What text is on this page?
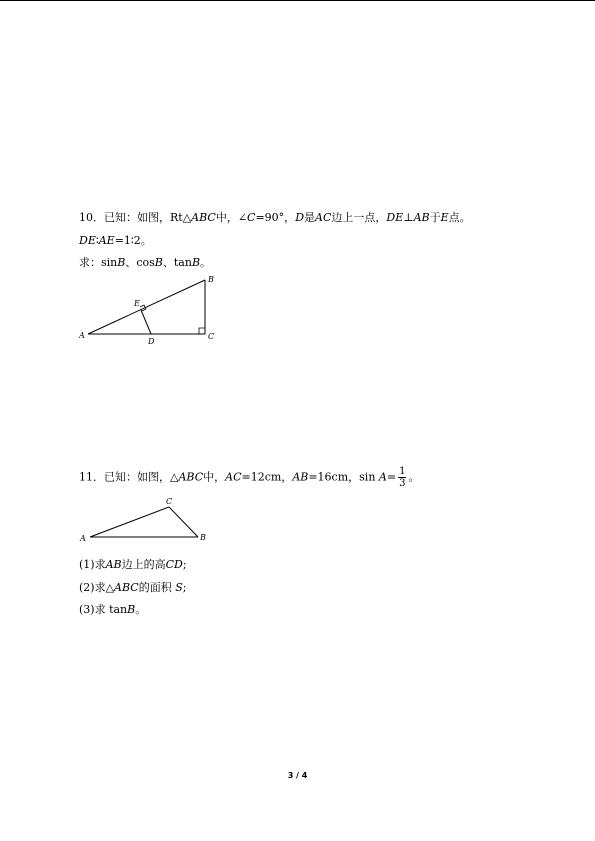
10．已知：如图，Rt△ABC中，∠C=90°，D是AC边上一点，DE⊥AB于E点。
DE∶AE=1∶2。
求：sinB、cosB、tanB。
A
B
C
D
E
11．已知：如图，△ABC中，AC=12cm，AB=16cm，$\sin A= \frac{1}{3}$ 。
A	B
C
(1)求AB边上的高CD;
(2)求△ABC的面积 S;
(3)求 tanB。
3 / 4
